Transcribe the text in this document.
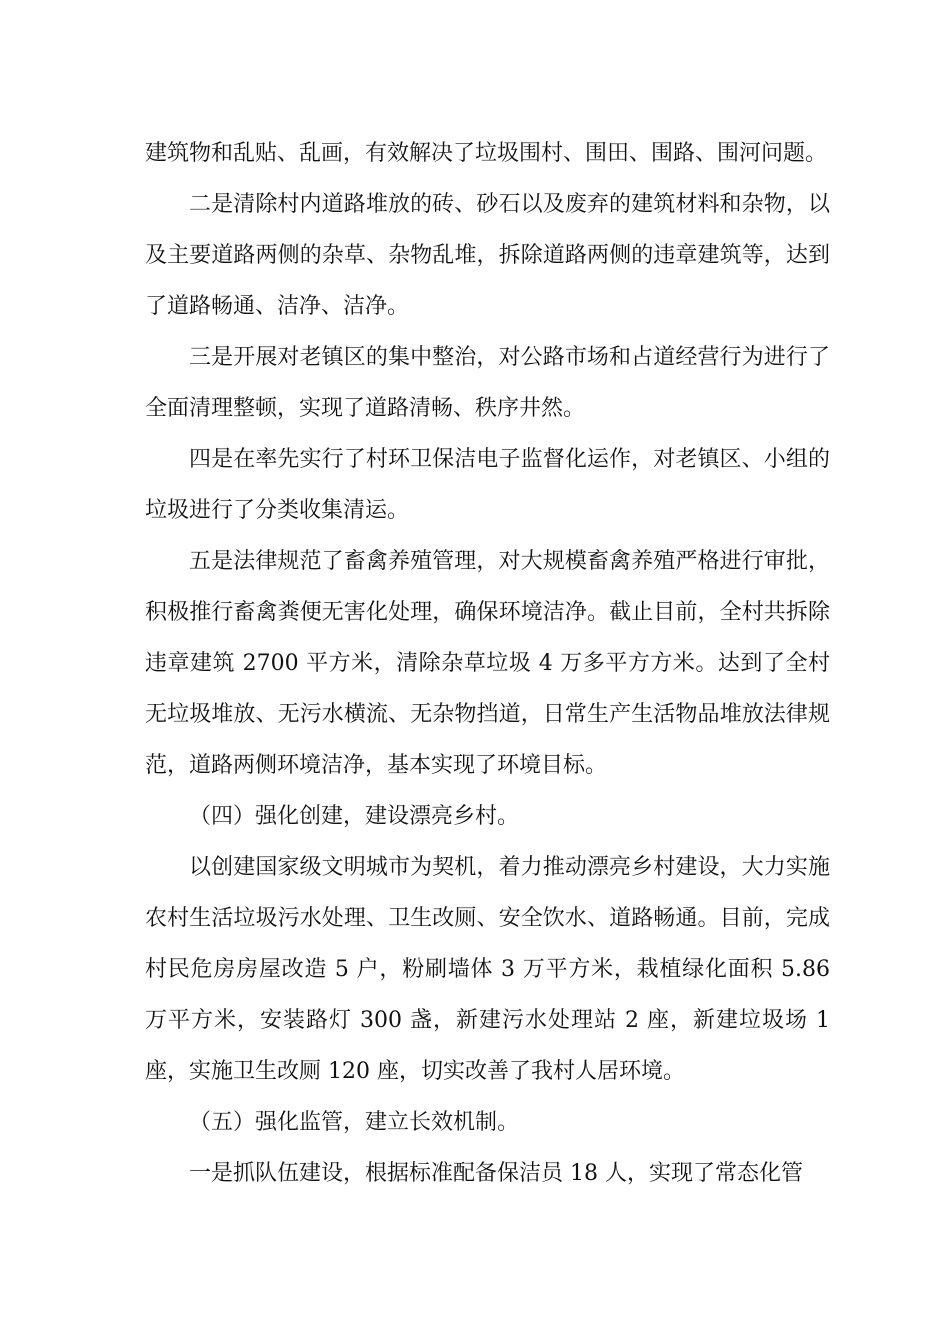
建筑物和乱贴、乱画，有效解决了垃圾围村、围田、围路、围河问题。

二是清除村内道路堆放的砖、砂石以及废弃的建筑材料和杂物，以及主要道路两侧的杂草、杂物乱堆，拆除道路两侧的违章建筑等，达到了道路畅通、洁净、洁净。

三是开展对老镇区的集中整治，对公路市场和占道经营行为进行了全面清理整顿，实现了道路清畅、秩序井然。

四是在率先实行了村环卫保洁电子监督化运作，对老镇区、小组的垃圾进行了分类收集清运。

五是法律规范了畜禽养殖管理，对大规模畜禽养殖严格进行审批，积极推行畜禽粪便无害化处理，确保环境洁净。截止目前，全村共拆除违章建筑 2700 平方米，清除杂草垃圾 4 万多平方方米。达到了全村无垃圾堆放、无污水横流、无杂物挡道，日常生产生活物品堆放法律规范，道路两侧环境洁净，基本实现了环境目标。

（四）强化创建，建设漂亮乡村。

以创建国家级文明城市为契机，着力推动漂亮乡村建设，大力实施农村生活垃圾污水处理、卫生改厕、安全饮水、道路畅通。目前，完成村民危房房屋改造 5 户，粉刷墙体 3 万平方米，栽植绿化面积 5.86 万平方米，安装路灯 300 盏，新建污水处理站 2 座，新建垃圾场 1 座，实施卫生改厕 120 座，切实改善了我村人居环境。

（五）强化监管，建立长效机制。

一是抓队伍建设，根据标准配备保洁员 18 人，实现了常态化管
